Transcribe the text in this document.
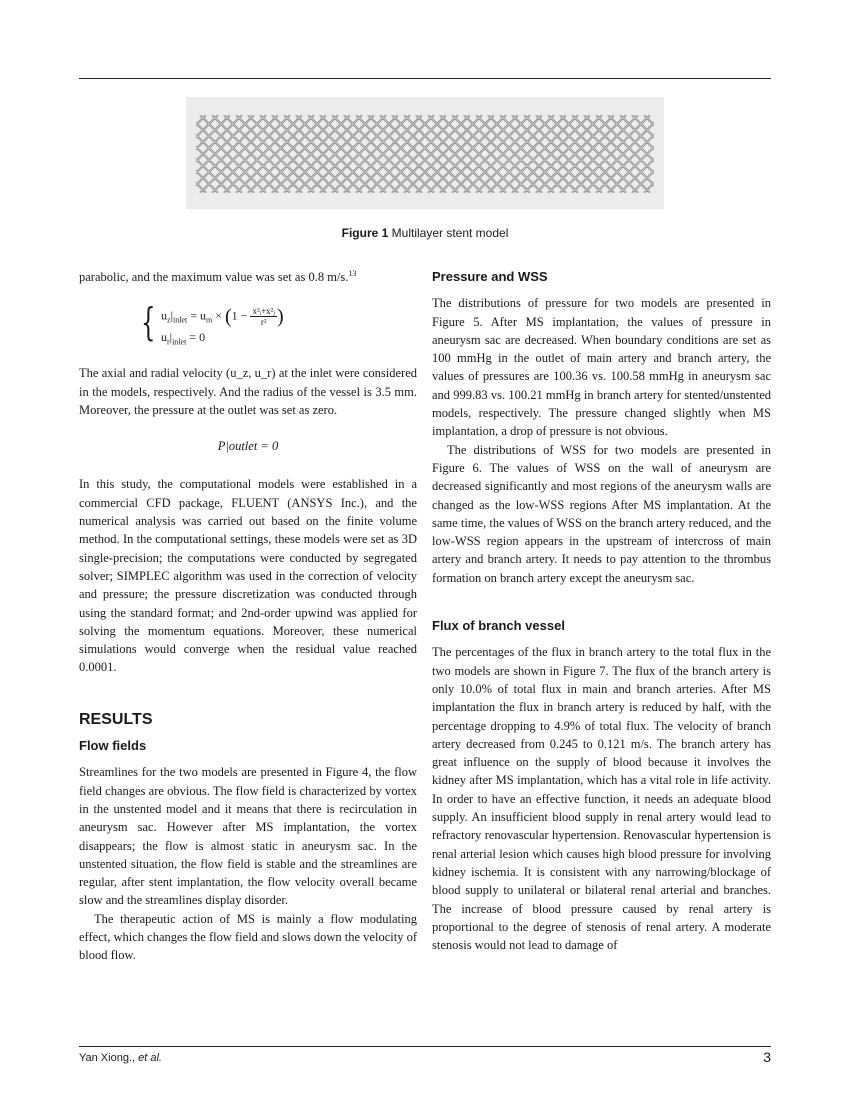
Figure 1 Multilayer stent model

parabolic, and the maximum value was set as 0.8 m/s.$^{13}$

{ $u_z|_{inlet} = u_m \times (1 - \frac{\text{x²ᵢ+x²ⱼ}}{\text{r²}}$ )
$u_r|_{inlet} = 0$

The axial and radial velocity (u_z, u_r) at the inlet were considered in the models, respectively. And the radius of the vessel is 3.5 mm. Moreover, the pressure at the outlet was set as zero.

P|outlet = 0

In this study, the computational models were established in a commercial CFD package, FLUENT (ANSYS Inc.), and the numerical analysis was carried out based on the finite volume method. In the computational settings, these models were set as 3D single-precision; the computations were conducted by segregated solver; SIMPLEC algorithm was used in the correction of velocity and pressure; the pressure discretization was conducted through using the standard format; and 2nd-order upwind was applied for solving the momentum equations. Moreover, these numerical simulations would converge when the residual value reached 0.0001.

RESULTS
Flow fields

Streamlines for the two models are presented in Figure 4, the flow field changes are obvious. The flow field is characterized by vortex in the unstented model and it means that there is recirculation in aneurysm sac. However after MS implantation, the vortex disappears; the flow is almost static in aneurysm sac. In the unstented situation, the flow field is stable and the streamlines are regular, after stent implantation, the flow velocity overall became slow and the streamlines display disorder.

The therapeutic action of MS is mainly a flow modulating effect, which changes the flow field and slows down the velocity of blood flow.

Pressure and WSS

The distributions of pressure for two models are presented in Figure 5. After MS implantation, the values of pressure in aneurysm sac are decreased. When boundary conditions are set as 100 mmHg in the outlet of main artery and branch artery, the values of pressures are 100.36 vs. 100.58 mmHg in aneurysm sac and 999.83 vs. 100.21 mmHg in branch artery for stented/unstented models, respectively. The pressure changed slightly when MS implantation, a drop of pressure is not obvious.

The distributions of WSS for two models are presented in Figure 6. The values of WSS on the wall of aneurysm are decreased significantly and most regions of the aneurysm walls are changed as the low-WSS regions After MS implantation. At the same time, the values of WSS on the branch artery reduced, and the low-WSS region appears in the upstream of intercross of main artery and branch artery. It needs to pay attention to the thrombus formation on branch artery except the aneurysm sac.

Flux of branch vessel

The percentages of the flux in branch artery to the total flux in the two models are shown in Figure 7. The flux of the branch artery is only 10.0% of total flux in main and branch arteries. After MS implantation the flux in branch artery is reduced by half, with the percentage dropping to 4.9% of total flux. The velocity of branch artery decreased from 0.245 to 0.121 m/s. The branch artery has great influence on the supply of blood because it involves the kidney after MS implantation, which has a vital role in life activity. In order to have an effective function, it needs an adequate blood supply. An insufficient blood supply in renal artery would lead to refractory renovascular hypertension. Renovascular hypertension is renal arterial lesion which causes high blood pressure for involving kidney ischemia. It is consistent with any narrowing/blockage of blood supply to unilateral or bilateral renal arterial and branches. The increase of blood pressure caused by renal artery is proportional to the degree of stenosis of renal artery. A moderate stenosis would not lead to damage of

Yan Xiong., et al.	3
